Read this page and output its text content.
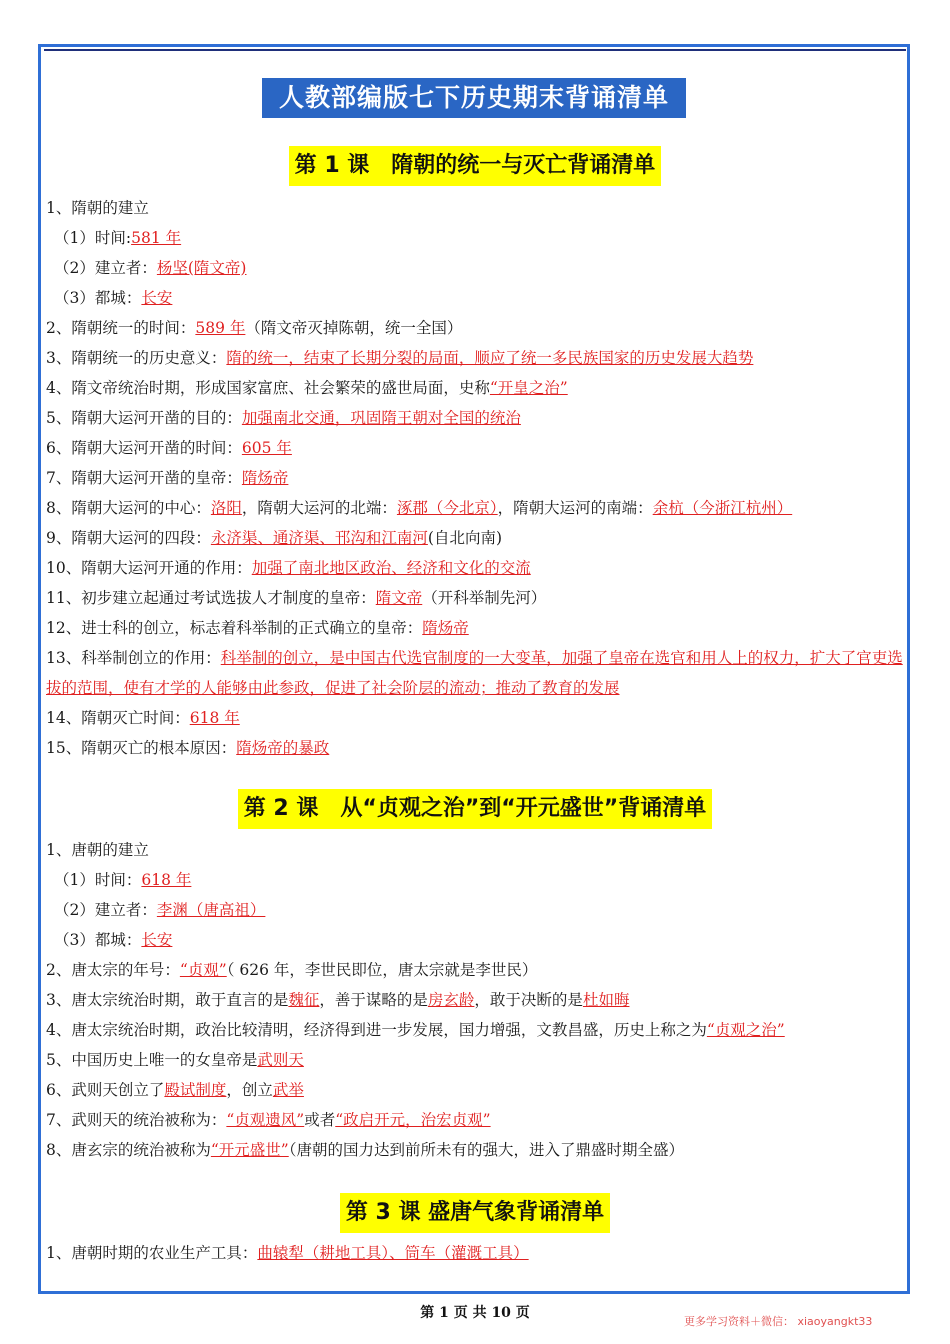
人教部编版七下历史期末背诵清单
第 1 课　隋朝的统一与灭亡背诵清单
1、隋朝的建立
（1）时间:581 年
（2）建立者：杨坚(隋文帝)
（3）都城：长安
2、隋朝统一的时间：589 年（隋文帝灭掉陈朝，统一全国）
3、隋朝统一的历史意义：隋的统一，结束了长期分裂的局面，顺应了统一多民族国家的历史发展大趋势
4、隋文帝统治时期，形成国家富庶、社会繁荣的盛世局面，史称“开皇之治”
5、隋朝大运河开凿的目的：加强南北交通，巩固隋王朝对全国的统治
6、隋朝大运河开凿的时间：605 年
7、隋朝大运河开凿的皇帝：隋炀帝
8、隋朝大运河的中心：洛阳，隋朝大运河的北端：涿郡（今北京），隋朝大运河的南端：余杭（今浙江杭州）
9、隋朝大运河的四段：永济渠、通济渠、邗沟和江南河(自北向南)
10、隋朝大运河开通的作用：加强了南北地区政治、经济和文化的交流
11、初步建立起通过考试选拔人才制度的皇帝：隋文帝（开科举制先河）
12、进士科的创立，标志着科举制的正式确立的皇帝：隋炀帝
13、科举制创立的作用：科举制的创立，是中国古代选官制度的一大变革，加强了皇帝在选官和用人上的权力，扩大了官吏选拔的范围，使有才学的人能够由此参政，促进了社会阶层的流动；推动了教育的发展
14、隋朝灭亡时间：618 年
15、隋朝灭亡的根本原因：隋炀帝的暴政
第 2 课　从“贞观之治”到“开元盛世”背诵清单
1、唐朝的建立
（1）时间：618 年
（2）建立者：李渊（唐高祖）
（3）都城：长安
2、唐太宗的年号：“贞观”（ 626 年，李世民即位，唐太宗就是李世民）
3、唐太宗统治时期，敢于直言的是魏征，善于谋略的是房玄龄，敢于决断的是杜如晦
4、唐太宗统治时期，政治比较清明，经济得到进一步发展，国力增强，文教昌盛，历史上称之为“贞观之治”
5、中国历史上唯一的女皇帝是武则天
6、武则天创立了殿试制度，创立武举
7、武则天的统治被称为：“贞观遗风”或者“政启开元，治宏贞观”
8、唐玄宗的统治被称为“开元盛世”（唐朝的国力达到前所未有的强大，进入了鼎盛时期全盛）
第 3 课 盛唐气象背诵清单
1、唐朝时期的农业生产工具：曲辕犁（耕地工具）、筒车（灌溉工具）
第 1 页 共 10 页
更多学习资料＋微信： xiaoyangkt33
